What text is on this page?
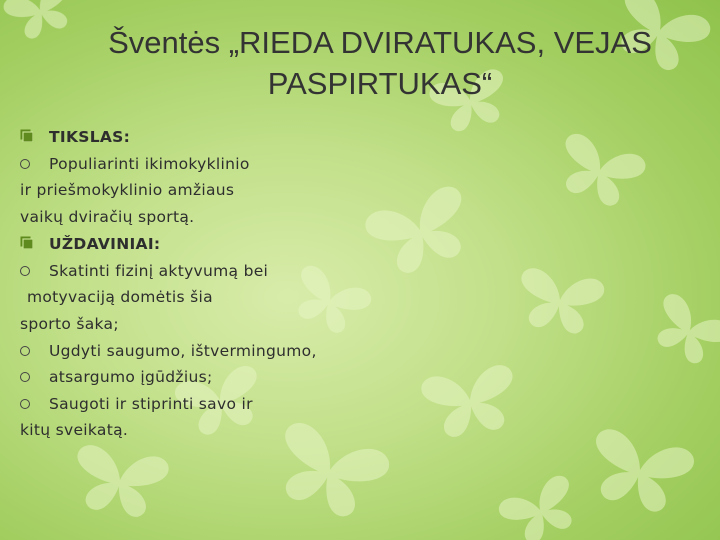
Šventės „RIEDA DVIRATUKAS, VEJAS
PASPIRTUKAS“
TIKSLAS:
Populiarinti ikimokyklinio
ir priešmokyklinio amžiaus
vaikų dviračių sportą.
UŽDAVINIAI:
Skatinti fizinį aktyvumą bei
motyvaciją domėtis šia
sporto šaka;
Ugdyti saugumo, ištvermingumo,
atsargumo įgūdžius;
Saugoti ir stiprinti savo ir
kitų sveikatą.
